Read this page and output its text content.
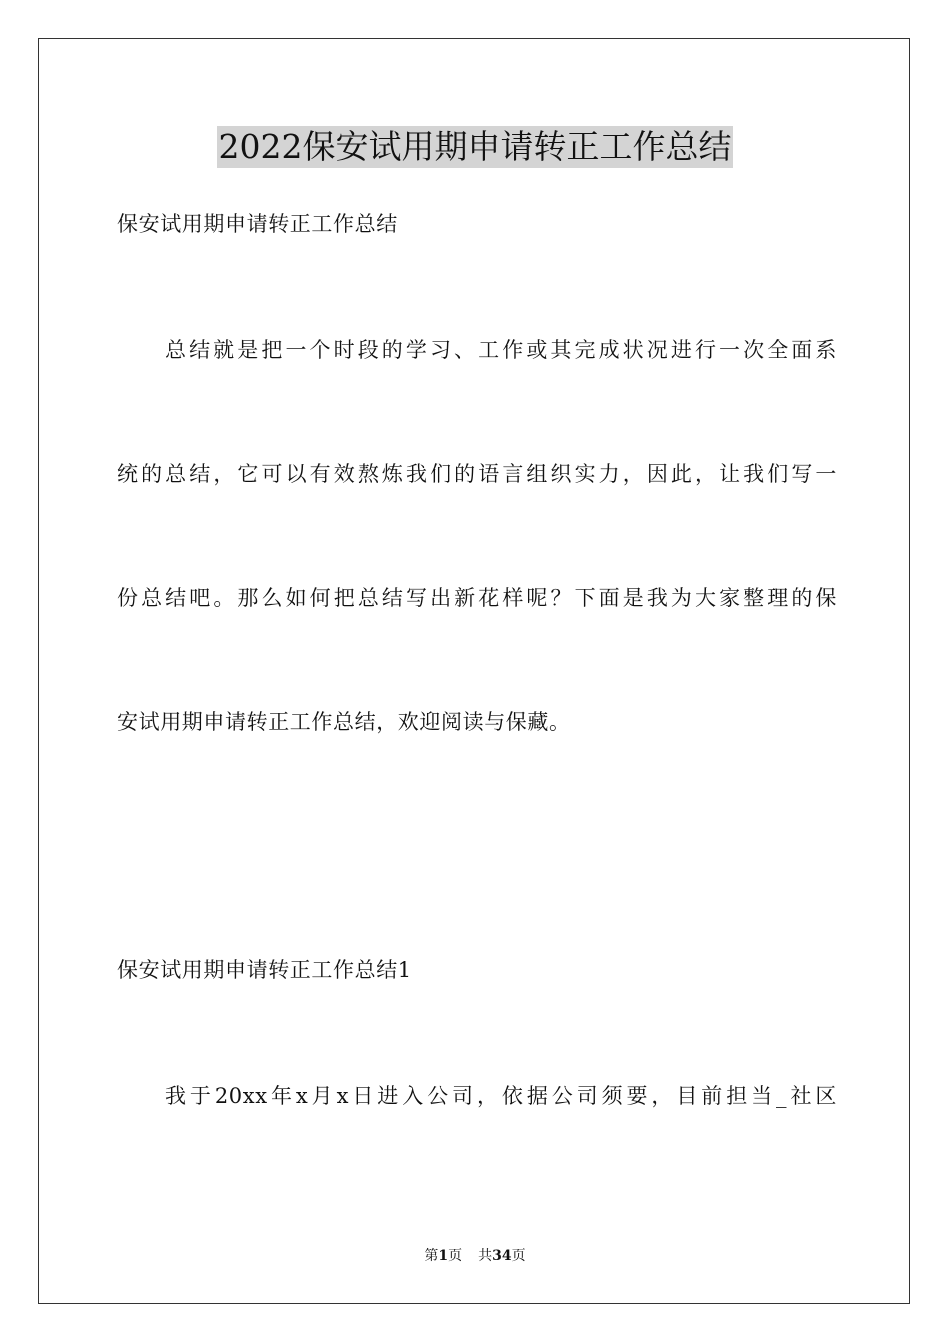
2022保安试用期申请转正工作总结
保安试用期申请转正工作总结
总结就是把一个时段的学习、工作或其完成状况进行一次全面系
统的总结，它可以有效熬炼我们的语言组织实力，因此，让我们写一
份总结吧。那么如何把总结写出新花样呢？下面是我为大家整理的保
安试用期申请转正工作总结，欢迎阅读与保藏。
保安试用期申请转正工作总结1
我于20xx年x月x日进入公司，依据公司须要，目前担当_社区
第1页 共34页
